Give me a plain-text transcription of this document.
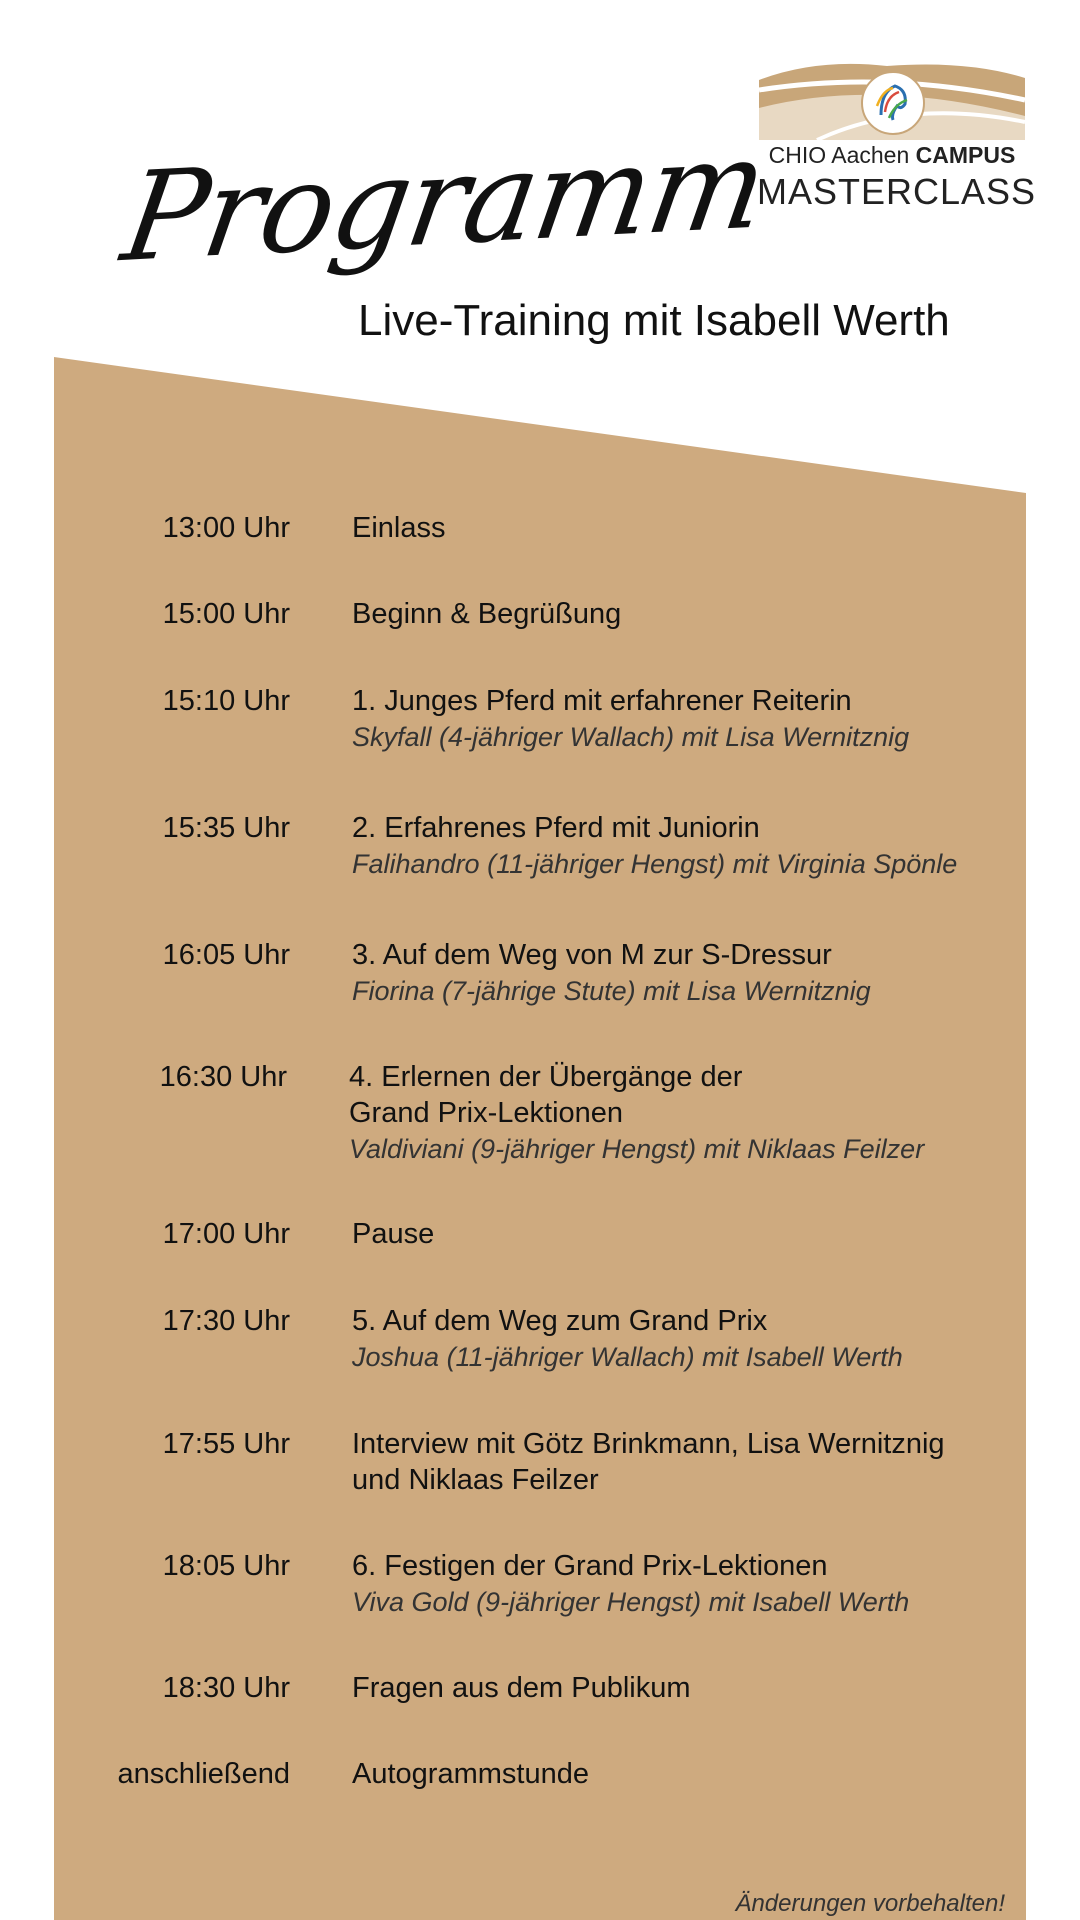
CHIO Aachen CAMPUS
MASTERCLASS
Programm
Live-Training mit Isabell Werth
13:00 Uhr Einlass
15:00 Uhr Beginn & Begrüßung
15:10 Uhr 1. Junges Pferd mit erfahrener Reiterin
Skyfall (4-jähriger Wallach) mit Lisa Wernitznig
15:35 Uhr 2. Erfahrenes Pferd mit Juniorin
Falihandro (11-jähriger Hengst) mit Virginia Spönle
16:05 Uhr 3. Auf dem Weg von M zur S-Dressur
Fiorina (7-jährige Stute) mit Lisa Wernitznig
16:30 Uhr 4. Erlernen der Übergänge der
Grand Prix-Lektionen
Valdiviani (9-jähriger Hengst) mit Niklaas Feilzer
17:00 Uhr Pause
17:30 Uhr 5. Auf dem Weg zum Grand Prix
Joshua (11-jähriger Wallach) mit Isabell Werth
17:55 Uhr Interview mit Götz Brinkmann, Lisa Wernitznig
und Niklaas Feilzer
18:05 Uhr 6. Festigen der Grand Prix-Lektionen
Viva Gold (9-jähriger Hengst) mit Isabell Werth
18:30 Uhr Fragen aus dem Publikum
anschließend Autogrammstunde
Änderungen vorbehalten!
